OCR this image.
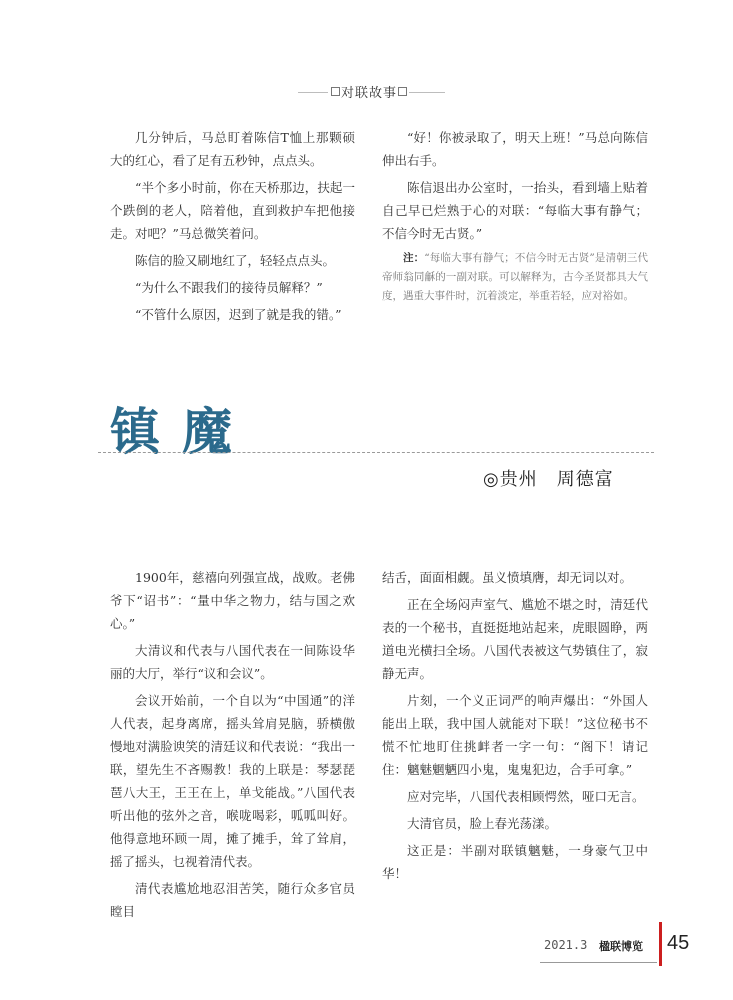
对联故事

几分钟后，马总盯着陈信T恤上那颗硕大的红心，看了足有五秒钟，点点头。

“半个多小时前，你在天桥那边，扶起一个跌倒的老人，陪着他，直到救护车把他接走。对吧？”马总微笑着问。

陈信的脸又刷地红了，轻轻点点头。

“为什么不跟我们的接待员解释？”

“不管什么原因，迟到了就是我的错。”

“好！你被录取了，明天上班！”马总向陈信伸出右手。

陈信退出办公室时，一抬头，看到墙上贴着自己早已烂熟于心的对联：“每临大事有静气；不信今时无古贤。”

注：“每临大事有静气；不信今时无古贤”是清朝三代帝师翁同龢的一副对联。可以解释为，古今圣贤都具大气度，遇重大事件时，沉着淡定，举重若轻，应对裕如。

镇魔
◎贵州　周德富

1900年，慈禧向列强宣战，战败。老佛爷下“诏书”：“量中华之物力，结与国之欢心。”

大清议和代表与八国代表在一间陈设华丽的大厅，举行“议和会议”。

会议开始前，一个自以为“中国通”的洋人代表，起身离席，摇头耸肩晃脑，骄横傲慢地对满脸谀笑的清廷议和代表说：“我出一联，望先生不吝赐教！我的上联是：琴瑟琵琶八大王，王王在上，单戈能战。”八国代表听出他的弦外之音，喉咙喝彩，呱呱叫好。他得意地环顾一周，摊了摊手，耸了耸肩，摇了摇头，乜视着清代表。

清代表尴尬地忍泪苦笑，随行众多官员瞠目

结舌，面面相觑。虽义愤填膺，却无词以对。

正在全场闷声室气、尴尬不堪之时，清廷代表的一个秘书，直挺挺地站起来，虎眼圆睁，两道电光横扫全场。八国代表被这气势镇住了，寂静无声。

片刻，一个义正词严的响声爆出：“外国人能出上联，我中国人就能对下联！”这位秘书不慌不忙地盯住挑衅者一字一句：“阁下！请记住：魑魅魍魉四小鬼，鬼鬼犯边，合手可拿。”

应对完毕，八国代表相顾愕然，哑口无言。

大清官员，脸上春光荡漾。

这正是：半副对联镇魑魅，一身豪气卫中华！

2021.3 楹联博览 45
